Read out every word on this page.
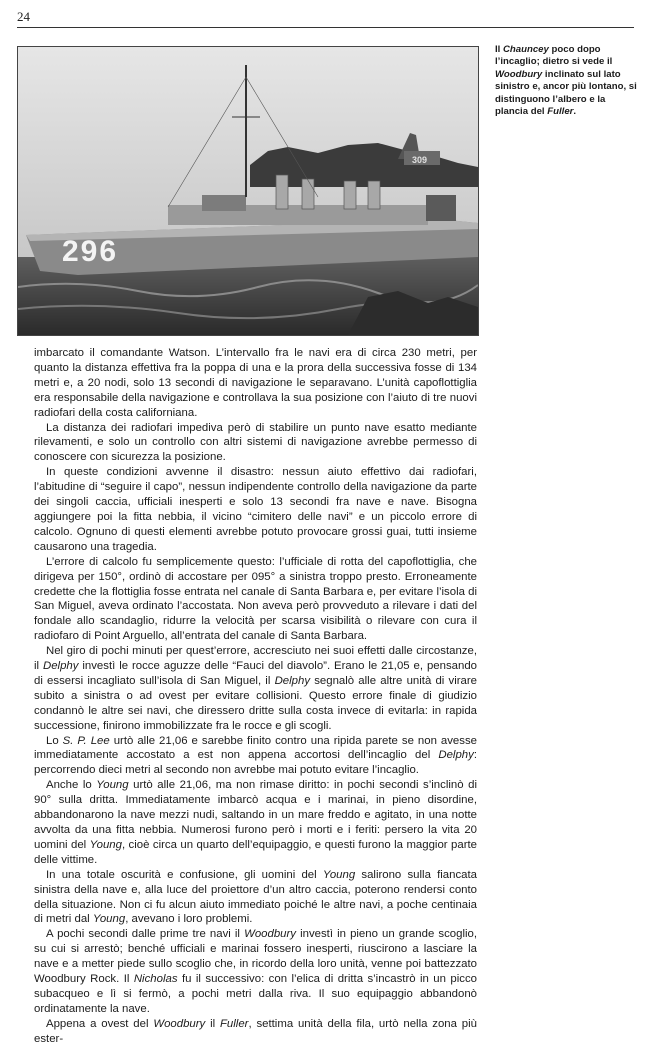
24
309
296
Il Chauncey poco dopo l’incaglio; dietro si vede il Woodbury inclinato sul lato sinistro e, ancor più lontano, si distinguono l’albero e la plancia del Fuller.

imbarcato il comandante Watson. L’intervallo fra le navi era di circa 230 metri, per quanto la distanza effettiva fra la poppa di una e la prora della successiva fosse di 134 metri e, a 20 nodi, solo 13 secondi di navigazione le separavano. L’unità capoflottiglia era responsabile della navigazione e controllava la sua posizione con l’aiuto di tre nuovi radiofari della costa californiana.

La distanza dei radiofari impediva però di stabilire un punto nave esatto mediante rilevamenti, e solo un controllo con altri sistemi di navigazione avrebbe permesso di conoscere con sicurezza la posizione.

In queste condizioni avvenne il disastro: nessun aiuto effettivo dai radiofari, l’abitudine di “seguire il capo”, nessun indipendente controllo della navigazione da parte dei singoli caccia, ufficiali inesperti e solo 13 secondi fra nave e nave. Bisogna aggiungere poi la fitta nebbia, il vicino “cimitero delle navi” e un piccolo errore di calcolo. Ognuno di questi elementi avrebbe potuto provocare grossi guai, tutti insieme causarono una tragedia.

L’errore di calcolo fu semplicemente questo: l’ufficiale di rotta del capoflottiglia, che dirigeva per 150°, ordinò di accostare per 095° a sinistra troppo presto. Erroneamente credette che la flottiglia fosse entrata nel canale di Santa Barbara e, per evitare l’isola di San Miguel, aveva ordinato l’accostata. Non aveva però provveduto a rilevare i dati del fondale allo scandaglio, ridurre la velocità per scarsa visibilità o rilevare con cura il radiofaro di Point Arguello, all’entrata del canale di Santa Barbara.

Nel giro di pochi minuti per quest’errore, accresciuto nei suoi effetti dalle circostanze, il Delphy investì le rocce aguzze delle “Fauci del diavolo”. Erano le 21,05 e, pensando di essersi incagliato sull’isola di San Miguel, il Delphy segnalò alle altre unità di virare subito a sinistra o ad ovest per evitare collisioni. Questo errore finale di giudizio condannò le altre sei navi, che diressero dritte sulla costa invece di evitarla: in rapida successione, finirono immobilizzate fra le rocce e gli scogli.

Lo S. P. Lee urtò alle 21,06 e sarebbe finito contro una ripida parete se non avesse immediatamente accostato a est non appena accortosi dell’incaglio del Delphy: percorrendo dieci metri al secondo non avrebbe mai potuto evitare l’incaglio.

Anche lo Young urtò alle 21,06, ma non rimase diritto: in pochi secondi s’inclinò di 90° sulla dritta. Immediatamente imbarcò acqua e i marinai, in pieno disordine, abbandonarono la nave mezzi nudi, saltando in un mare freddo e agitato, in una notte avvolta da una fitta nebbia. Numerosi furono però i morti e i feriti: persero la vita 20 uomini del Young, cioè circa un quarto dell’equipaggio, e questi furono la maggior parte delle vittime.

In una totale oscurità e confusione, gli uomini del Young salirono sulla fiancata sinistra della nave e, alla luce del proiettore d’un altro caccia, poterono rendersi conto della situazione. Non ci fu alcun aiuto immediato poiché le altre navi, a poche centinaia di metri dal Young, avevano i loro problemi.

A pochi secondi dalle prime tre navi il Woodbury investì in pieno un grande scoglio, su cui si arrestò; benché ufficiali e marinai fossero inesperti, riuscirono a lasciare la nave e a metter piede sullo scoglio che, in ricordo della loro unità, venne poi battezzato Woodbury Rock. Il Nicholas fu il successivo: con l’elica di dritta s’incastrò in un picco subacqueo e lì si fermò, a pochi metri dalla riva. Il suo equipaggio abbandonò ordinatamente la nave.

Appena a ovest del Woodbury il Fuller, settima unità della fila, urtò nella zona più ester-
